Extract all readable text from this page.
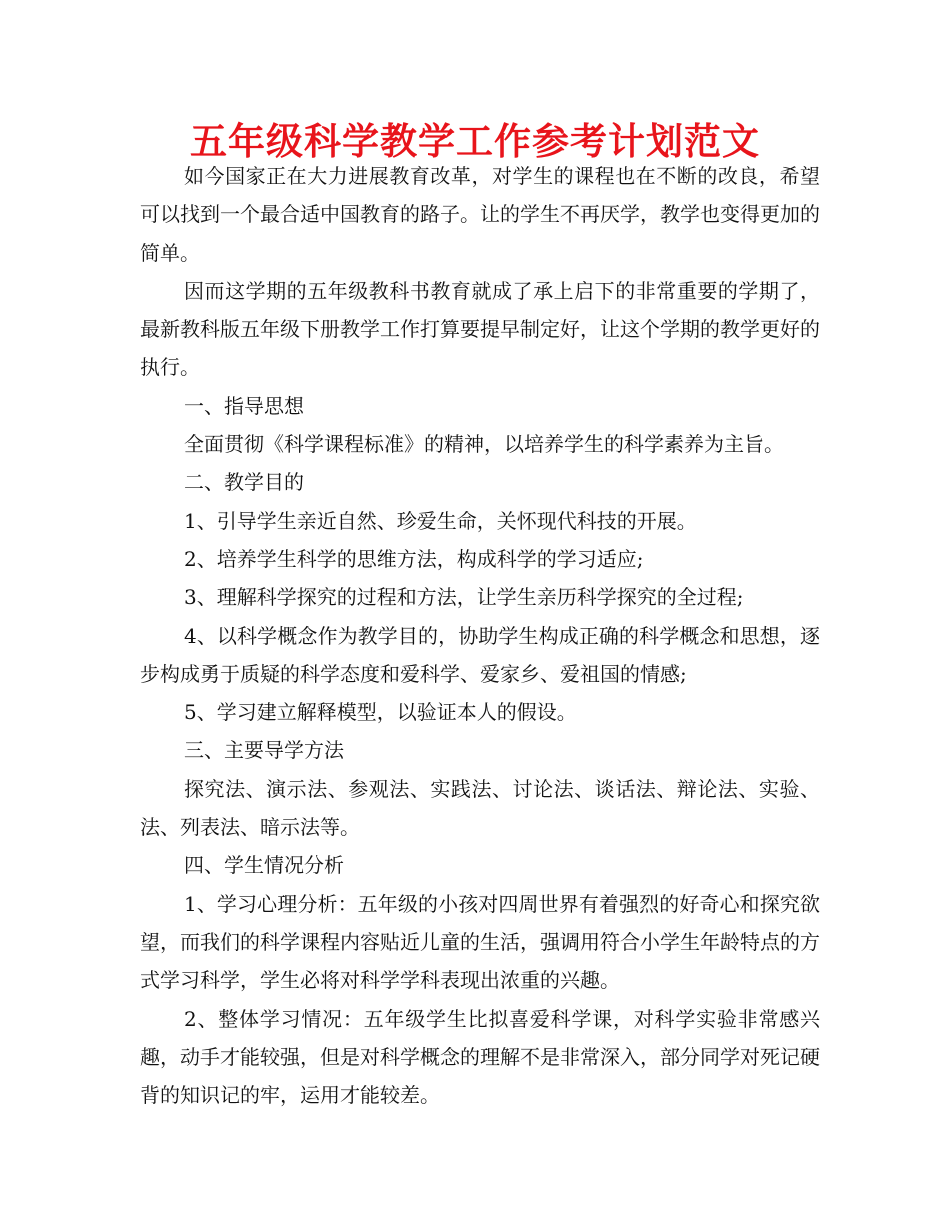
五年级科学教学工作参考计划范文

如今国家正在大力进展教育改革，对学生的课程也在不断的改良，希望可以找到一个最合适中国教育的路子。让的学生不再厌学，教学也变得更加的简单。

因而这学期的五年级教科书教育就成了承上启下的非常重要的学期了，最新教科版五年级下册教学工作打算要提早制定好，让这个学期的教学更好的执行。

一、指导思想

全面贯彻《科学课程标准》的精神，以培养学生的科学素养为主旨。

二、教学目的

1、引导学生亲近自然、珍爱生命，关怀现代科技的开展。

2、培养学生科学的思维方法，构成科学的学习适应;

3、理解科学探究的过程和方法，让学生亲历科学探究的全过程;

4、以科学概念作为教学目的，协助学生构成正确的科学概念和思想，逐步构成勇于质疑的科学态度和爱科学、爱家乡、爱祖国的情感;

5、学习建立解释模型，以验证本人的假设。

三、主要导学方法

探究法、演示法、参观法、实践法、讨论法、谈话法、辩论法、实验、法、列表法、暗示法等。

四、学生情况分析

1、学习心理分析：五年级的小孩对四周世界有着强烈的好奇心和探究欲望，而我们的科学课程内容贴近儿童的生活，强调用符合小学生年龄特点的方式学习科学，学生必将对科学学科表现出浓重的兴趣。

2、整体学习情况：五年级学生比拟喜爱科学课，对科学实验非常感兴趣，动手才能较强，但是对科学概念的理解不是非常深入，部分同学对死记硬背的知识记的牢，运用才能较差。
